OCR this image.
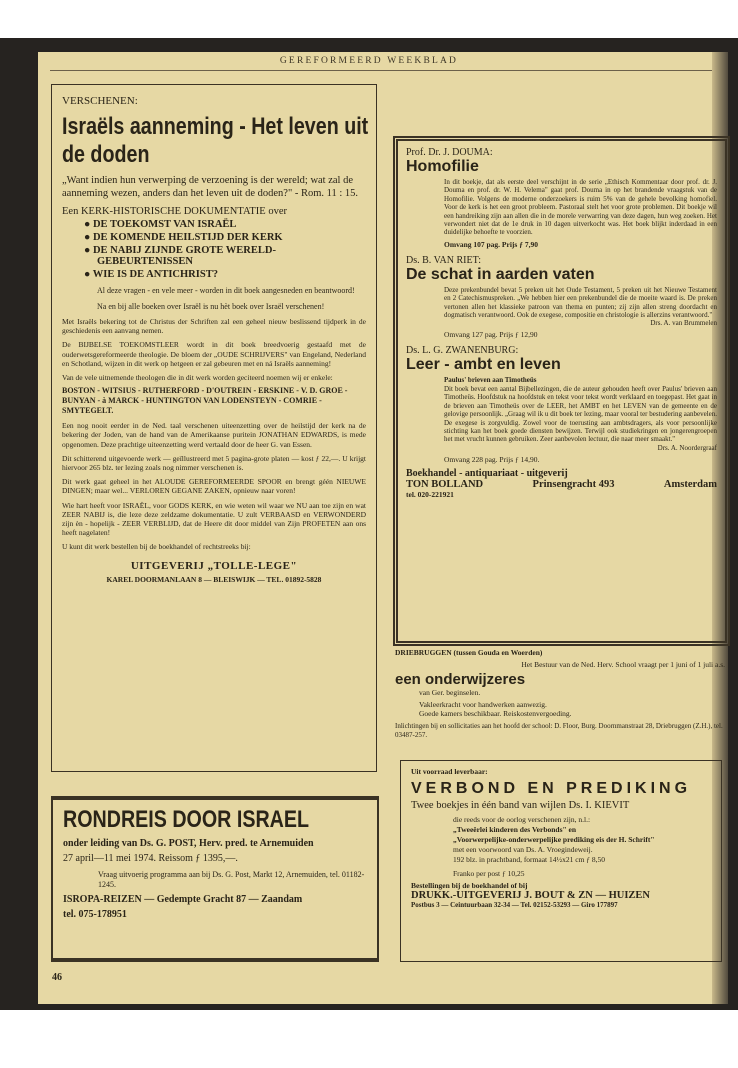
GEREFORMEERD WEEKBLAD
VERSCHENEN:
Israëls aanneming - Het leven uit de doden
„Want indien hun verwerping de verzoening is der wereld; wat zal de aanneming wezen, anders dan het leven uit de doden?" - Rom. 11 : 15.
Een KERK-HISTORISCHE DOKUMENTATIE over
● DE TOEKOMST VAN ISRAËL
● DE KOMENDE HEILSTIJD DER KERK
● DE NABIJ ZIJNDE GROTE WERELD-GEBEURTENISSEN
● WIE IS DE ANTICHRIST?
Al deze vragen - en vele meer - worden in dit boek aangesneden en beantwoord!
Na en bij alle boeken over Israël is nu hèt boek over Israël verschenen!
Met Israëls bekering tot de Christus der Schriften zal een geheel nieuw beslissend tijdperk in de geschiedenis een aanvang nemen.
De BIJBELSE TOEKOMSTLEER wordt in dit boek breedvoerig gestaafd met de ouderwetsgereformeerde theologie. De bloem der „OUDE SCHRIJVERS" van Engeland, Nederland en Schotland, wijzen in dit werk op hetgeen er zal gebeuren met en ná Israëls aanneming!
Van de vele uitnemende theologen die in dit werk worden geciteerd noemen wij er enkele:
BOSTON - WITSIUS - RUTHERFORD - D'OUTREIN - ERSKINE - V. D. GROE - BUNYAN - à MARCK - HUNTINGTON VAN LODENSTEYN - COMRIE - SMYTEGELT.
Een nog nooit eerder in de Ned. taal verschenen uiteenzetting over de heilstijd der kerk na de bekering der Joden, van de hand van de Amerikaanse puritein JONATHAN EDWARDS, is mede opgenomen. Deze prachtige uiteenzetting werd vertaald door de heer G. van Essen.
Dit schitterend uitgevoerde werk — geïllustreerd met 5 pagina-grote platen — kost ƒ 22,—. U krijgt hiervoor 265 blz. ter lezing zoals nog nimmer verschenen is.
Dit werk gaat geheel in het ALOUDE GEREFORMEERDE SPOOR en brengt géén NIEUWE DINGEN; maar wel... VERLOREN GEGANE ZAKEN, opnieuw naar voren!
Wie hart heeft voor ISRAËL, voor GODS KERK, en wie weten wil waar we NU aan toe zijn en wat ZEER NABIJ is, die leze deze zeldzame dokumentatie. U zult VERBAASD en VERWONDERD zijn èn - hopelijk - ZEER VERBLIJD, dat de Heere dit door middel van Zijn PROFETEN aan ons heeft nagelaten!
U kunt dit werk bestellen bij de boekhandel of rechtstreeks bij:
UITGEVERIJ „TOLLE-LEGE"
KAREL DOORMANLAAN 8 — BLEISWIJK — TEL. 01892-5828
RONDREIS DOOR ISRAEL
onder leiding van Ds. G. POST, Herv. pred. te Arnemuiden
27 april—11 mei 1974. Reissom ƒ 1395,—.
Vraag uitvoerig programma aan bij Ds. G. Post, Markt 12, Arnemuiden, tel. 01182-1245.
ISROPA-REIZEN — Gedempte Gracht 87 — Zaandam
tel. 075-178951
46
Prof. Dr. J. DOUMA:
Homofilie
In dit boekje, dat als eerste deel verschijnt in de serie „Ethisch Kommentaar door prof. dr. J. Douma en prof. dr. W. H. Velema" gaat prof. Douma in op het brandende vraagstuk van de Homofilie. Volgens de moderne onderzoekers is ruim 5% van de gehele bevolking homofiel. Voor de kerk is het een groot probleem. Pastoraal stelt het voor grote problemen. Dit boekje wil een handreiking zijn aan allen die in de morele verwarring van deze dagen, hun weg zoeken. Het verwondert niet dat de 1e druk in 10 dagen uitverkocht was. Het boek blijkt inderdaad in een duidelijke behoefte te voorzien.
Omvang 107 pag. Prijs ƒ 7,90
Ds. B. VAN RIET:
De schat in aarden vaten
Deze prekenbundel bevat 5 preken uit het Oude Testament, 5 preken uit het Nieuwe Testament en 2 Catechismuspreken. „We hebben hier een prekenbundel die de moeite waard is. De preken vertonen allen het klassieke patroon van thema en punten; zij zijn allen streng doordacht en dogmatisch verantwoord. Ook de exegese, compositie en christologie is allerzins verantwoord."
Drs. A. van Brummelen
Omvang 127 pag. Prijs ƒ 12,90
Ds. L. G. ZWANENBURG:
Leer - ambt en leven
Paulus' brieven aan Timotheüs
Dit boek bevat een aantal Bijbellezingen, die de auteur gehouden heeft over Paulus' brieven aan Timotheüs. Hoofdstuk na hoofdstuk en tekst voor tekst wordt verklaard en toegepast. Het gaat in de brieven aan Timotheüs over de LEER, het AMBT en het LEVEN van de gemeente en de gelovige persoonlijk. „Graag wil ik u dit boek ter lezing, maar vooral ter bestudering aanbevelen. De exegese is zorgvuldig. Zowel voor de toerusting aan ambtsdragers, als voor persoonlijke stichting kan het boek goede diensten bewijzen. Terwijl ook studiekringen en jongerengroepen het met vrucht kunnen gebruiken. Zeer aanbevolen lectuur, die naar meer smaakt."
Drs. A. Noordergraaf
Omvang 228 pag. Prijs ƒ 14,90.
Boekhandel - antiquariaat - uitgeverij
TON BOLLAND	Prinsengracht 493	Amsterdam
tel. 020-221921
DRIEBRUGGEN (tussen Gouda en Woerden)
Het Bestuur van de Ned. Herv. School vraagt per 1 juni of 1 juli a.s.
een onderwijzeres
van Ger. beginselen.
Vakleerkracht voor handwerken aanwezig.
Goede kamers beschikbaar. Reiskostenvergoeding.
Inlichtingen bij en sollicitaties aan het hoofd der school: D. Floor, Burg. Doornmanstraat 28, Driebruggen (Z.H.), tel. 03487-257.
Uit voorraad leverbaar:
VERBOND EN PREDIKING
Twee boekjes in één band van wijlen Ds. I. KIEVIT
die reeds voor de oorlog verschenen zijn, n.l.:
„Tweeërlei kinderen des Verbonds" en
„Voorwerpelijke-onderwerpelijke prediking eis der H. Schrift"
met een voorwoord van Ds. A. Vroegindeweij.
192 blz. in prachtband, formaat 14½x21 cm ƒ 8,50
Franko per post ƒ 10,25
Bestellingen bij de boekhandel of bij
DRUKK.-UITGEVERIJ J. BOUT & ZN — HUIZEN
Postbus 3 — Ceintuurbaan 32-34 — Tel. 02152-53293 — Giro 177897
